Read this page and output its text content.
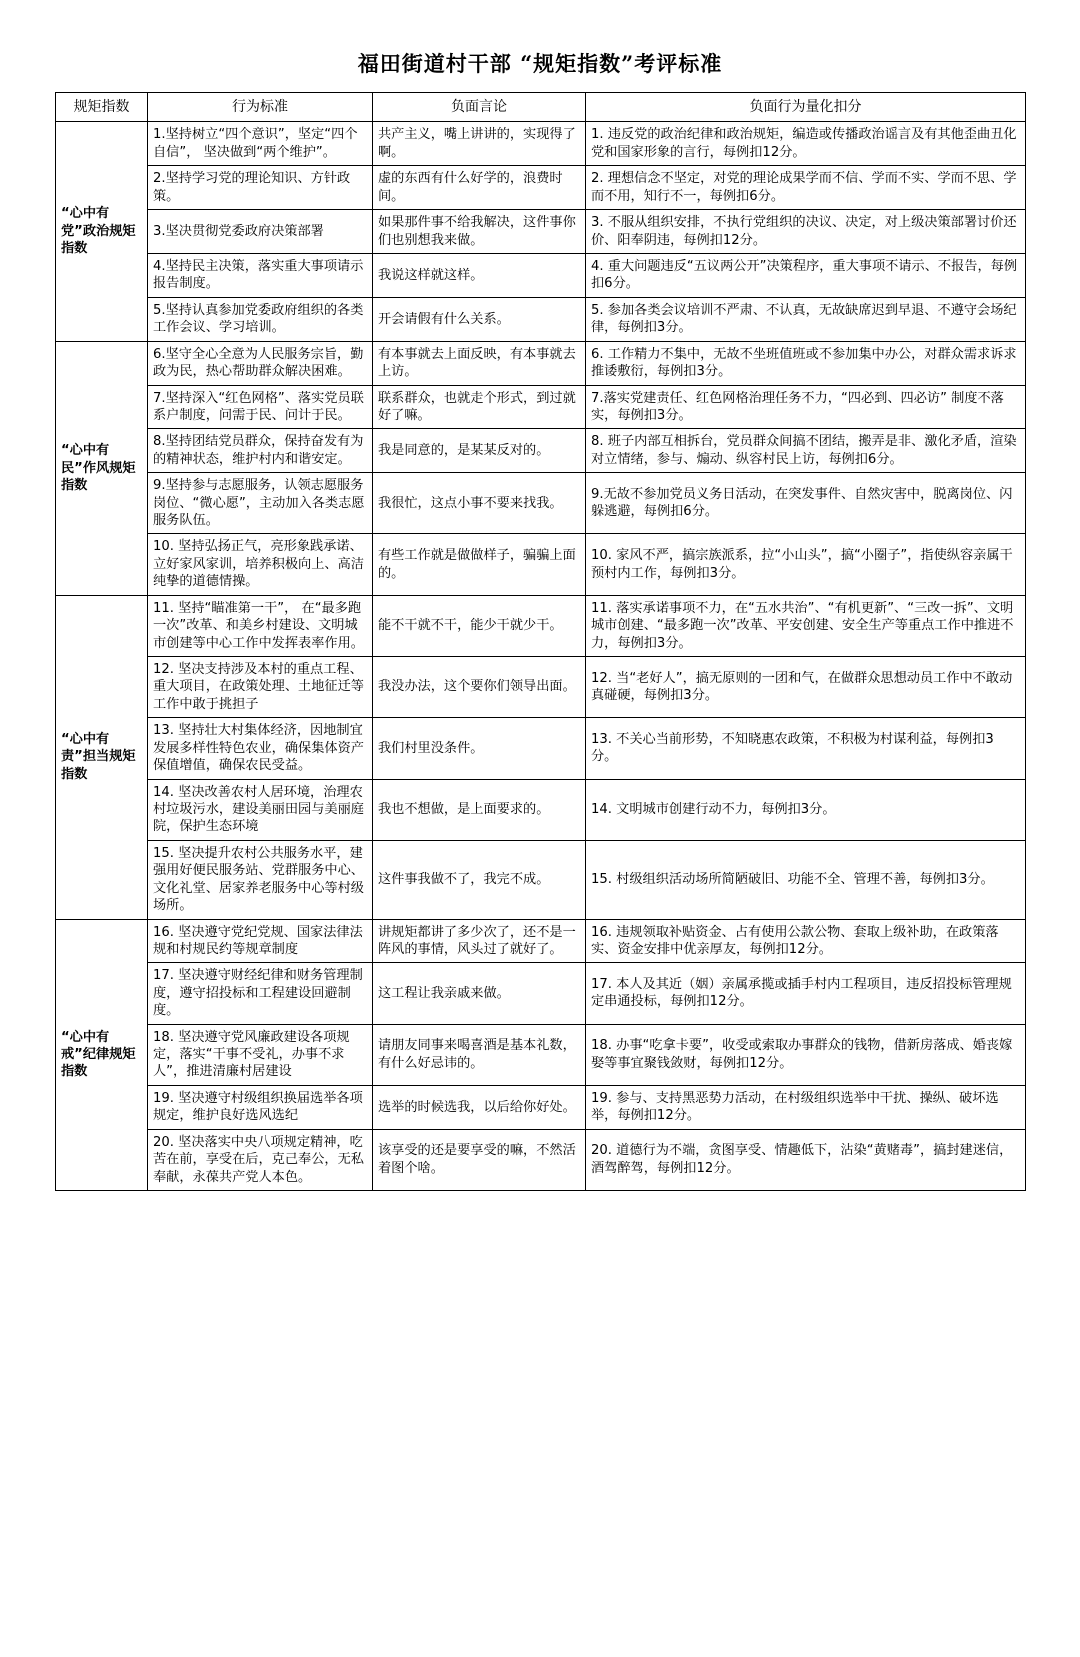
福田街道村干部 “规矩指数”考评标准
规矩指数	行为标准	负面言论	负面行为量化扣分
“心中有党”政治规矩指数	1.坚持树立“四个意识”，坚定“四个自信”， 坚决做到“两个维护”。	共产主义，嘴上讲讲的，实现得了啊。	1. 违反党的政治纪律和政治规矩，编造或传播政治谣言及有其他歪曲丑化党和国家形象的言行，每例扣12分。
	2.坚持学习党的理论知识、方针政策。	虚的东西有什么好学的，浪费时间。	2. 理想信念不坚定，对党的理论成果学而不信、学而不实、学而不思、学而不用，知行不一，每例扣6分。
	3.坚决贯彻党委政府决策部署	如果那件事不给我解决，这件事你们也别想我来做。	3. 不服从组织安排，不执行党组织的决议、决定，对上级决策部署讨价还价、阳奉阴违，每例扣12分。
	4.坚持民主决策，落实重大事项请示报告制度。	我说这样就这样。	4. 重大问题违反“五议两公开”决策程序，重大事项不请示、不报告，每例扣6分。
	5.坚持认真参加党委政府组织的各类工作会议、学习培训。	开会请假有什么关系。	5. 参加各类会议培训不严肃、不认真，无故缺席迟到早退、不遵守会场纪律，每例扣3分。
“心中有民”作风规矩指数	6.坚守全心全意为人民服务宗旨，勤政为民，热心帮助群众解决困难。	有本事就去上面反映，有本事就去上访。	6. 工作精力不集中，无故不坐班值班或不参加集中办公，对群众需求诉求推诿敷衍，每例扣3分。
	7.坚持深入“红色网格”、落实党员联系户制度，问需于民、问计于民。	联系群众，也就走个形式，到过就好了嘛。	7.落实党建责任、红色网格治理任务不力，“四必到、四必访” 制度不落实，每例扣3分。
	8.坚持团结党员群众，保持奋发有为的精神状态，维护村内和谐安定。	我是同意的，是某某反对的。	8. 班子内部互相拆台，党员群众间搞不团结，搬弄是非、激化矛盾，渲染对立情绪，参与、煽动、纵容村民上访，每例扣6分。
	9.坚持参与志愿服务，认领志愿服务岗位、“微心愿”，主动加入各类志愿服务队伍。	我很忙，这点小事不要来找我。	9.无故不参加党员义务日活动，在突发事件、自然灾害中，脱离岗位、闪躲逃避，每例扣6分。
	10. 坚持弘扬正气，亮形象践承诺、立好家风家训，培养积极向上、高洁纯挚的道德情操。	有些工作就是做做样子，骗骗上面的。	10. 家风不严，搞宗族派系，拉“小山头”，搞“小圈子”，指使纵容亲属干预村内工作，每例扣3分。
“心中有责”担当规矩指数	11. 坚持“瞄准第一干”， 在“最多跑一次”改革、和美乡村建设、文明城市创建等中心工作中发挥表率作用。	能不干就不干，能少干就少干。	11. 落实承诺事项不力，在“五水共治”、“有机更新”、“三改一拆”、文明城市创建、“最多跑一次”改革、平安创建、安全生产等重点工作中推进不力，每例扣3分。
	12. 坚决支持涉及本村的重点工程、重大项目，在政策处理、土地征迁等工作中敢于挑担子	我没办法，这个要你们领导出面。	12. 当“老好人”，搞无原则的一团和气，在做群众思想动员工作中不敢动真碰硬，每例扣3分。
	13. 坚持壮大村集体经济，因地制宜发展多样性特色农业，确保集体资产保值增值，确保农民受益。	我们村里没条件。	13. 不关心当前形势，不知晓惠农政策，不积极为村谋利益，每例扣3分。
	14. 坚决改善农村人居环境，治理农村垃圾污水，建设美丽田园与美丽庭院，保护生态环境	我也不想做，是上面要求的。	14. 文明城市创建行动不力，每例扣3分。
	15. 坚决提升农村公共服务水平，建强用好便民服务站、党群服务中心、文化礼堂、居家养老服务中心等村级场所。	这件事我做不了，我完不成。	15. 村级组织活动场所简陋破旧、功能不全、管理不善，每例扣3分。
“心中有戒”纪律规矩指数	16. 坚决遵守党纪党规、国家法律法规和村规民约等规章制度	讲规矩都讲了多少次了，还不是一阵风的事情，风头过了就好了。	16. 违规领取补贴资金、占有使用公款公物、套取上级补助，在政策落实、资金安排中优亲厚友，每例扣12分。
	17. 坚决遵守财经纪律和财务管理制度，遵守招投标和工程建设回避制度。	这工程让我亲戚来做。	17. 本人及其近（姻）亲属承揽或插手村内工程项目，违反招投标管理规定串通投标，每例扣12分。
	18. 坚决遵守党风廉政建设各项规定，落实“干事不受礼，办事不求人”，推进清廉村居建设	请朋友同事来喝喜酒是基本礼数，有什么好忌讳的。	18. 办事“吃拿卡要”，收受或索取办事群众的钱物，借新房落成、婚丧嫁娶等事宜聚钱敛财，每例扣12分。
	19. 坚决遵守村级组织换届选举各项规定，维护良好选风选纪	选举的时候选我，以后给你好处。	19. 参与、支持黑恶势力活动，在村级组织选举中干扰、操纵、破坏选举，每例扣12分。
	20. 坚决落实中央八项规定精神，吃苦在前，享受在后，克己奉公，无私奉献，永葆共产党人本色。	该享受的还是要享受的嘛，不然活着图个啥。	20. 道德行为不端，贪图享受、情趣低下，沾染“黄赌毒”，搞封建迷信，酒驾醉驾，每例扣12分。
